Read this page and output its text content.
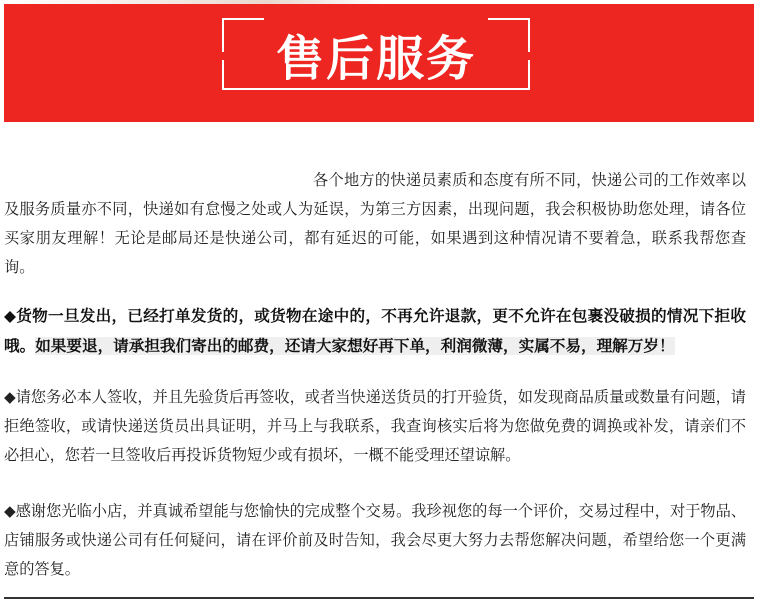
售后服务

各个地方的快递员素质和态度有所不同，快递公司的工作效率以及服务质量亦不同，快递如有怠慢之处或人为延误，为第三方因素，出现问题，我会积极协助您处理，请各位买家朋友理解！无论是邮局还是快递公司，都有延迟的可能，如果遇到这种情况请不要着急，联系我帮您查询。

◆货物一旦发出，已经打单发货的，或货物在途中的，不再允许退款，更不允许在包裹没破损的情况下拒收哦。如果要退，请承担我们寄出的邮费，还请大家想好再下单，利润微薄，实属不易，理解万岁！

◆请您务必本人签收，并且先验货后再签收，或者当快递送货员的打开验货，如发现商品质量或数量有问题，请拒绝签收，或请快递送货员出具证明，并马上与我联系，我查询核实后将为您做免费的调换或补发，请亲们不必担心，您若一旦签收后再投诉货物短少或有损坏，一概不能受理还望谅解。

◆感谢您光临小店，并真诚希望能与您愉快的完成整个交易。我珍视您的每一个评价，交易过程中，对于物品、店铺服务或快递公司有任何疑问，请在评价前及时告知，我会尽更大努力去帮您解决问题，希望给您一个更满意的答复。
